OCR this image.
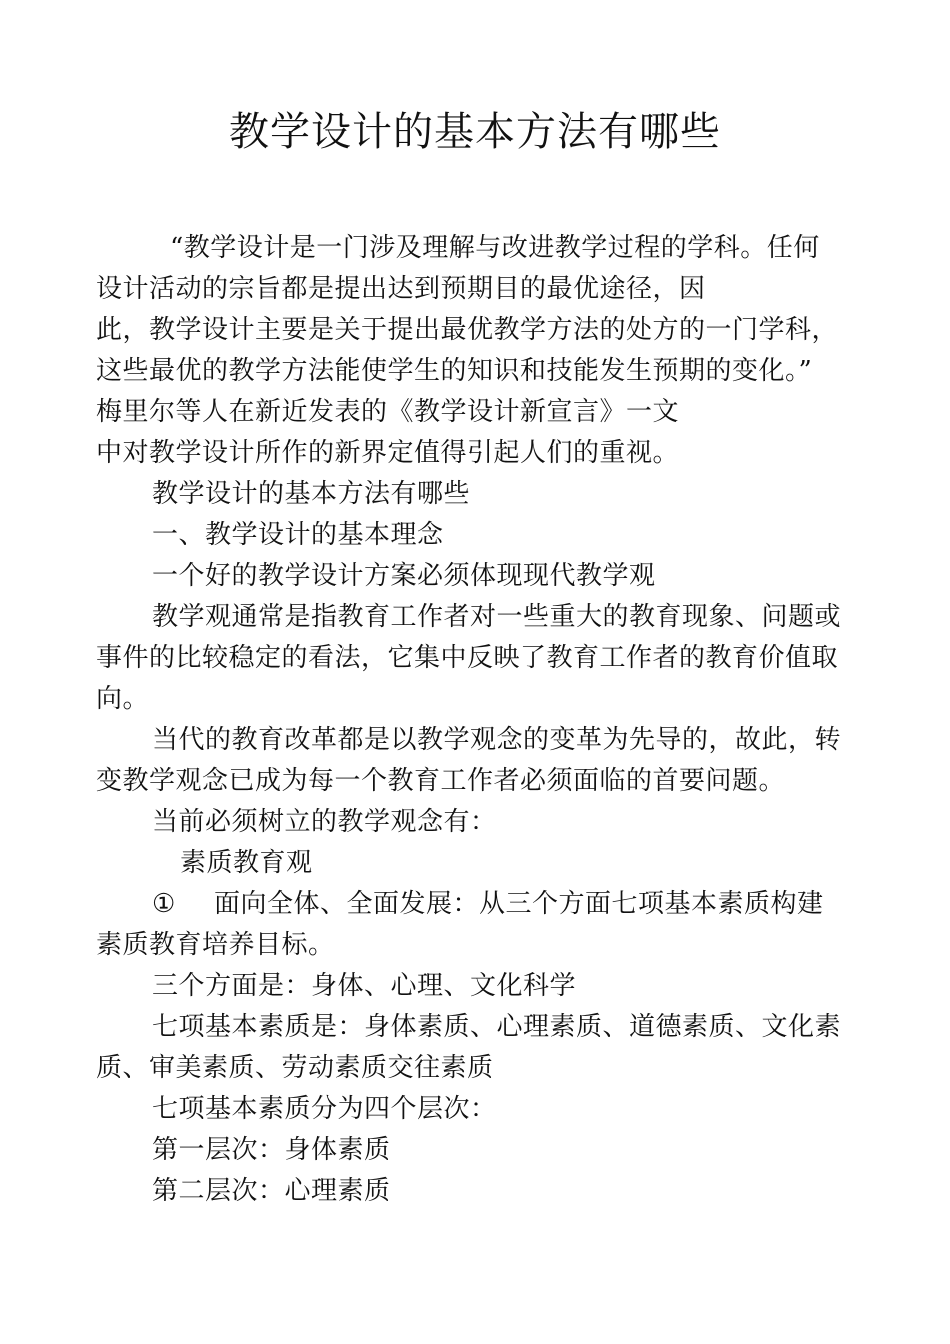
教学设计的基本方法有哪些

“教学设计是一门涉及理解与改进教学过程的学科。任何
设计活动的宗旨都是提出达到预期目的最优途径，因
此，教学设计主要是关于提出最优教学方法的处方的一门学科，
这些最优的教学方法能使学生的知识和技能发生预期的变化。”
梅里尔等人在新近发表的《教学设计新宣言》一文
中对教学设计所作的新界定值得引起人们的重视。

教学设计的基本方法有哪些

一、教学设计的基本理念

一个好的教学设计方案必须体现现代教学观

教学观通常是指教育工作者对一些重大的教育现象、问题或
事件的比较稳定的看法，它集中反映了教育工作者的教育价值取
向。

当代的教育改革都是以教学观念的变革为先导的，故此，转
变教学观念已成为每一个教育工作者必须面临的首要问题。

当前必须树立的教学观念有：

素质教育观

① 面向全体、全面发展：从三个方面七项基本素质构建
素质教育培养目标。

三个方面是：身体、心理、文化科学

七项基本素质是：身体素质、心理素质、道德素质、文化素
质、审美素质、劳动素质交往素质

七项基本素质分为四个层次：

第一层次：身体素质

第二层次：心理素质
